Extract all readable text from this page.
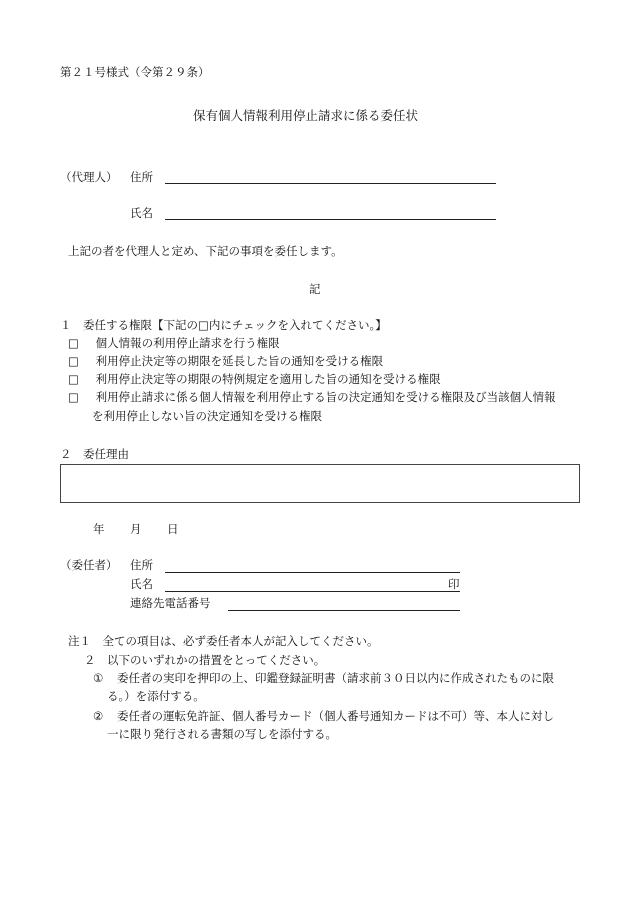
第２１号様式（令第２９条）
保有個人情報利用停止請求に係る委任状
（代理人） 住所
氏名
上記の者を代理人と定め、下記の事項を委任します。
記
１　委任する権限【下記の□内にチェックを入れてください。】
□ 個人情報の利用停止請求を行う権限
□ 利用停止決定等の期限を延長した旨の通知を受ける権限
□ 利用停止決定等の期限の特例規定を適用した旨の通知を受ける権限
□ 利用停止請求に係る個人情報を利用停止する旨の決定通知を受ける権限及び当該個人情報
を利用停止しない旨の決定通知を受ける権限
２　委任理由
年 月 日
（委任者） 住所
氏名	印
連絡先電話番号
注１　全ての項目は、必ず委任者本人が記入してください。
２　以下のいずれかの措置をとってください。
① 委任者の実印を押印の上、印鑑登録証明書（請求前３０日以内に作成されたものに限
る。）を添付する。
② 委任者の運転免許証、個人番号カード（個人番号通知カードは不可）等、本人に対し
一に限り発行される書類の写しを添付する。
